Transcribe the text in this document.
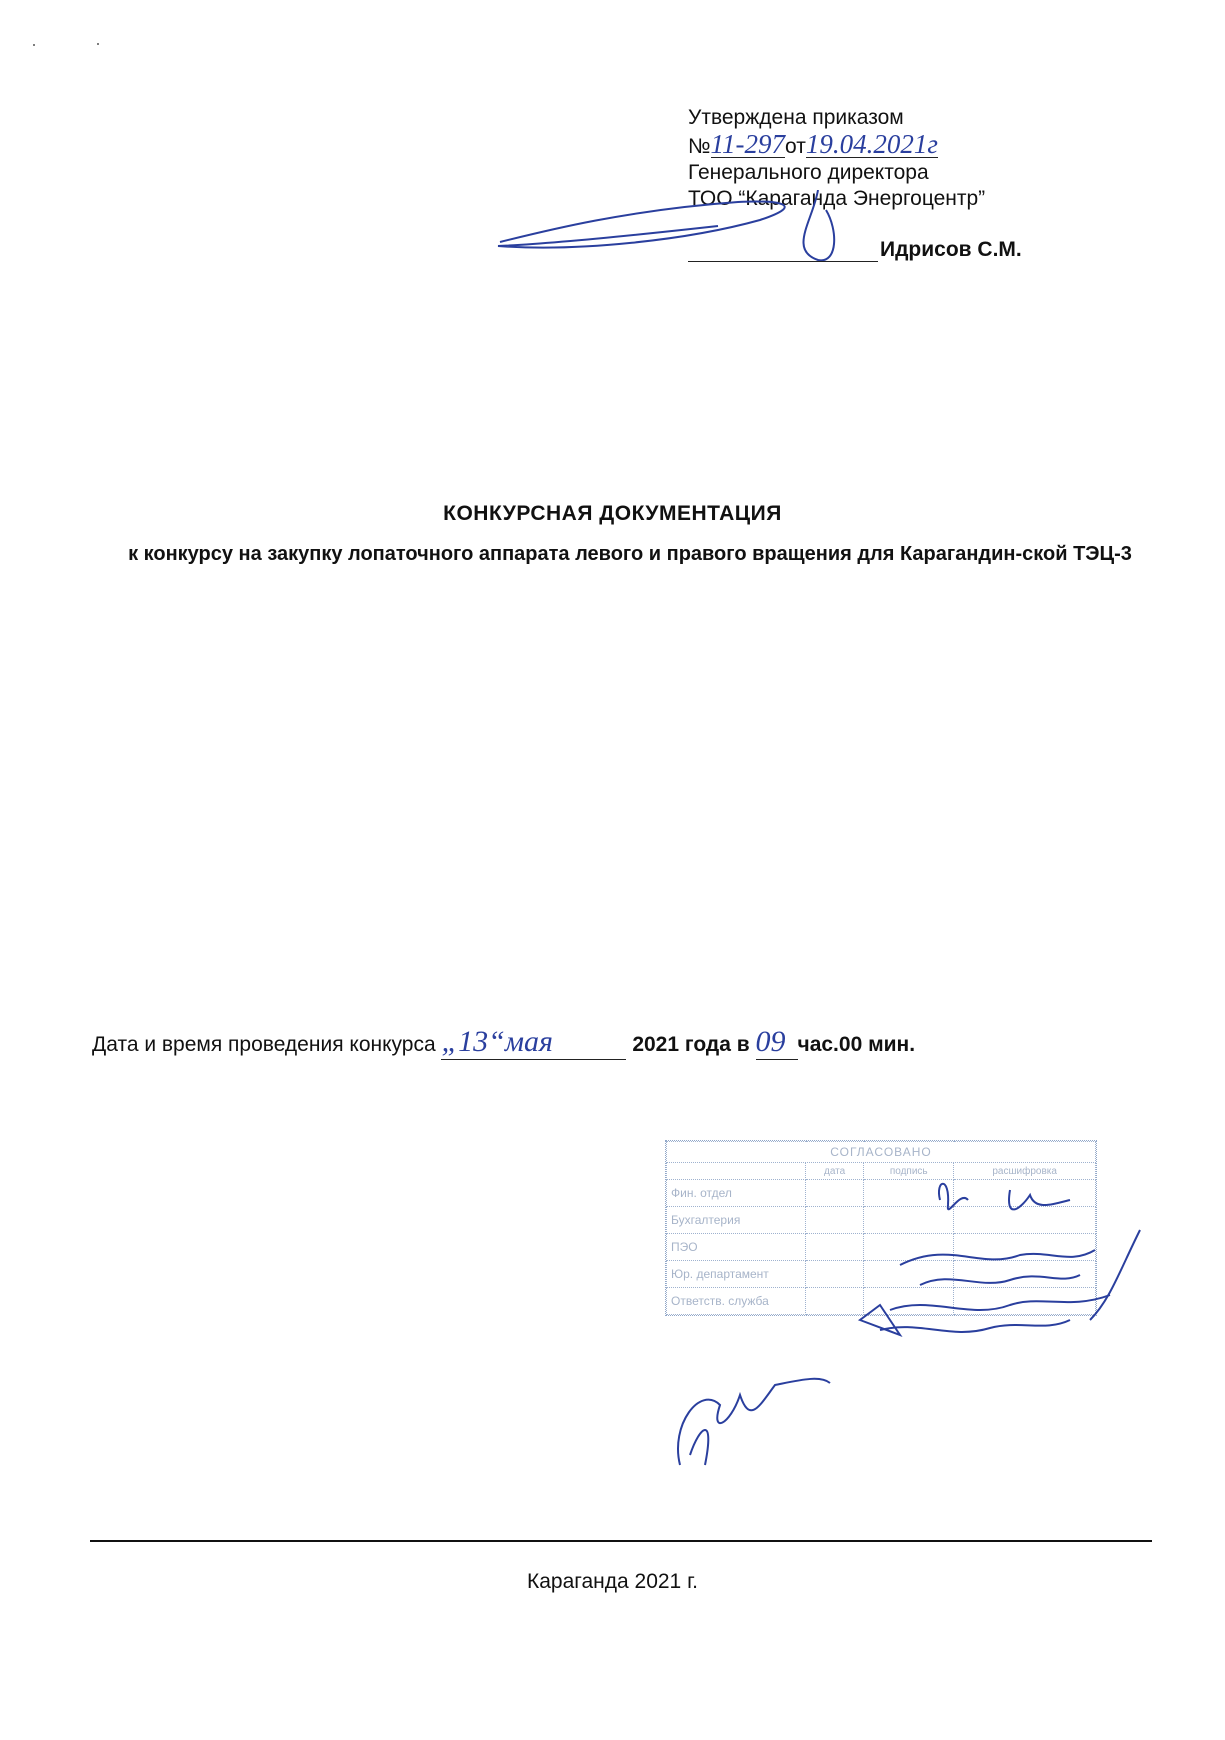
Утверждена приказом
№11-297от19.04.2021г
Генерального директора
ТОО “Караганда Энергоцентр”
Идрисов С.М.
КОНКУРСНАЯ ДОКУМЕНТАЦИЯ
к конкурсу на закупку лопаточного аппарата левого и правого вращения для Карагандин-ской ТЭЦ-3
Дата и время проведения конкурса „13“мая	2021 года в 09 час.00 мин.
СОГЛАСОВАНО			
	дата	подпись	расшифровка
Фин. отдел			
Бухгалтерия			
ПЭО			
Юр. департамент			
Ответств. служба			
Караганда 2021 г.
